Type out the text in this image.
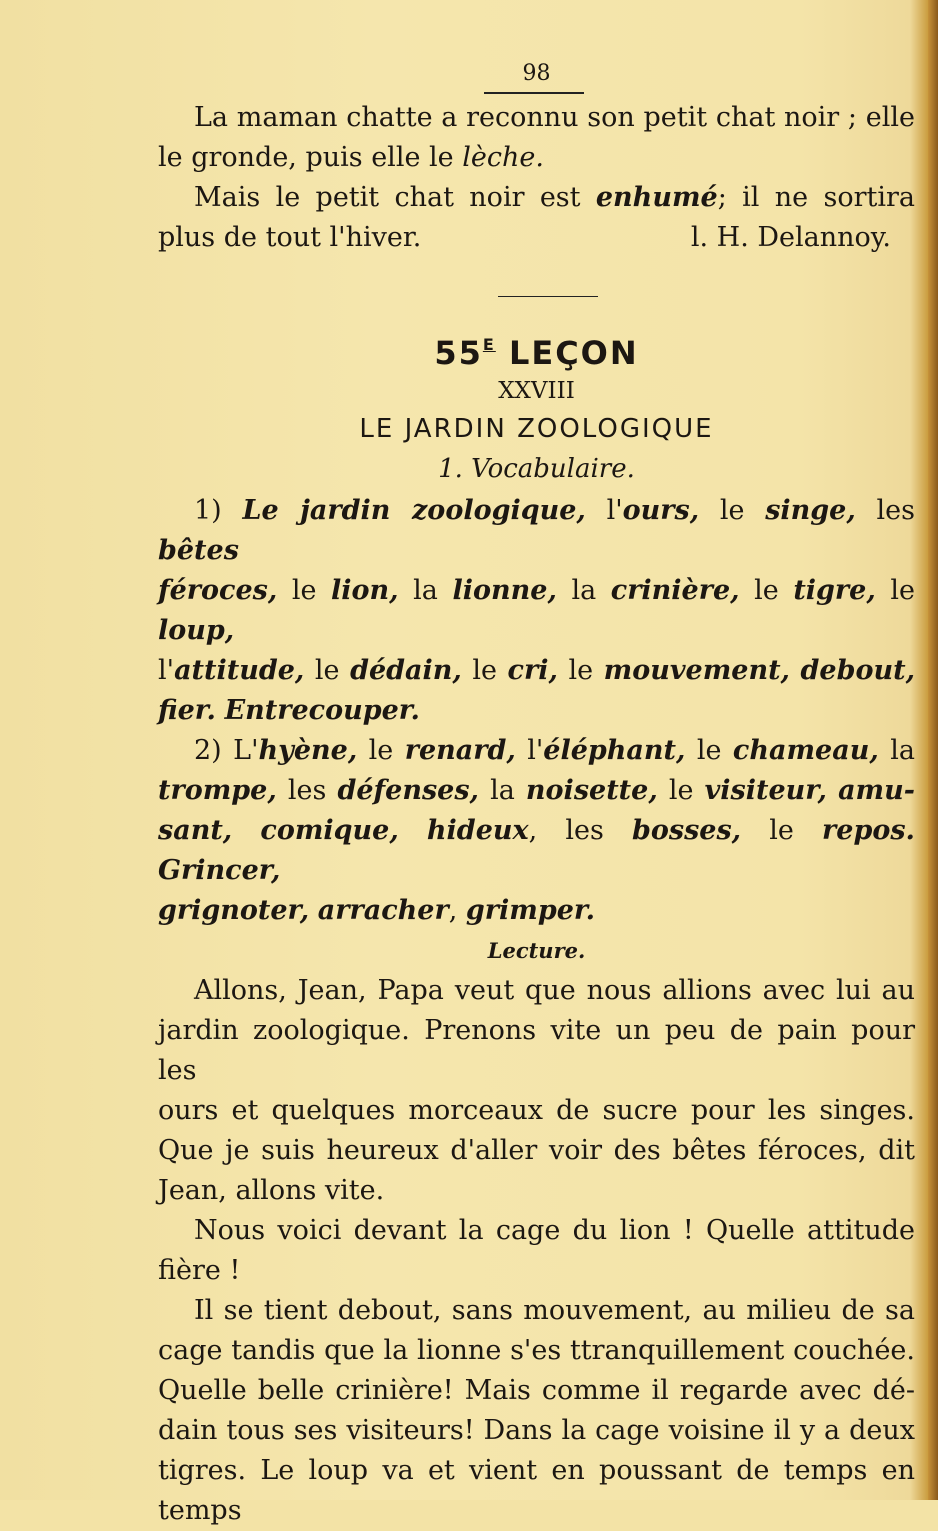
98

La maman chatte a reconnu son petit chat noir ; elle

le gronde, puis elle le lèche.

Mais le petit chat noir est enhumé; il ne sortira

plus de tout l'hiver.	l. H. Delannoy.
$55^E$ LEÇON
XXVIII
LE JARDIN ZOOLOGIQUE
1. Vocabulaire.

1) Le jardin zoologique, l'ours, le singe, les bêtes

féroces, le lion, la lionne, la crinière, le tigre, le loup,

l'attitude, le dédain, le cri, le mouvement, debout,

fier. Entrecouper.

2) L'hyène, le renard, l'éléphant, le chameau, la

trompe, les défenses, la noisette, le visiteur, amu-

sant, comique, hideux, les bosses, le repos. Grincer,

grignoter, arracher, grimper.

Lecture.

Allons, Jean, Papa veut que nous allions avec lui au

jardin zoologique. Prenons vite un peu de pain pour les

ours et quelques morceaux de sucre pour les singes.

Que je suis heureux d'aller voir des bêtes féroces, dit

Jean, allons vite.

Nous voici devant la cage du lion ! Quelle attitude

fière !

Il se tient debout, sans mouvement, au milieu de sa

cage tandis que la lionne s'es ttranquillement couchée.

Quelle belle crinière! Mais comme il regarde avec dé-

dain tous ses visiteurs! Dans la cage voisine il y a deux

tigres. Le loup va et vient en poussant de temps en temps
